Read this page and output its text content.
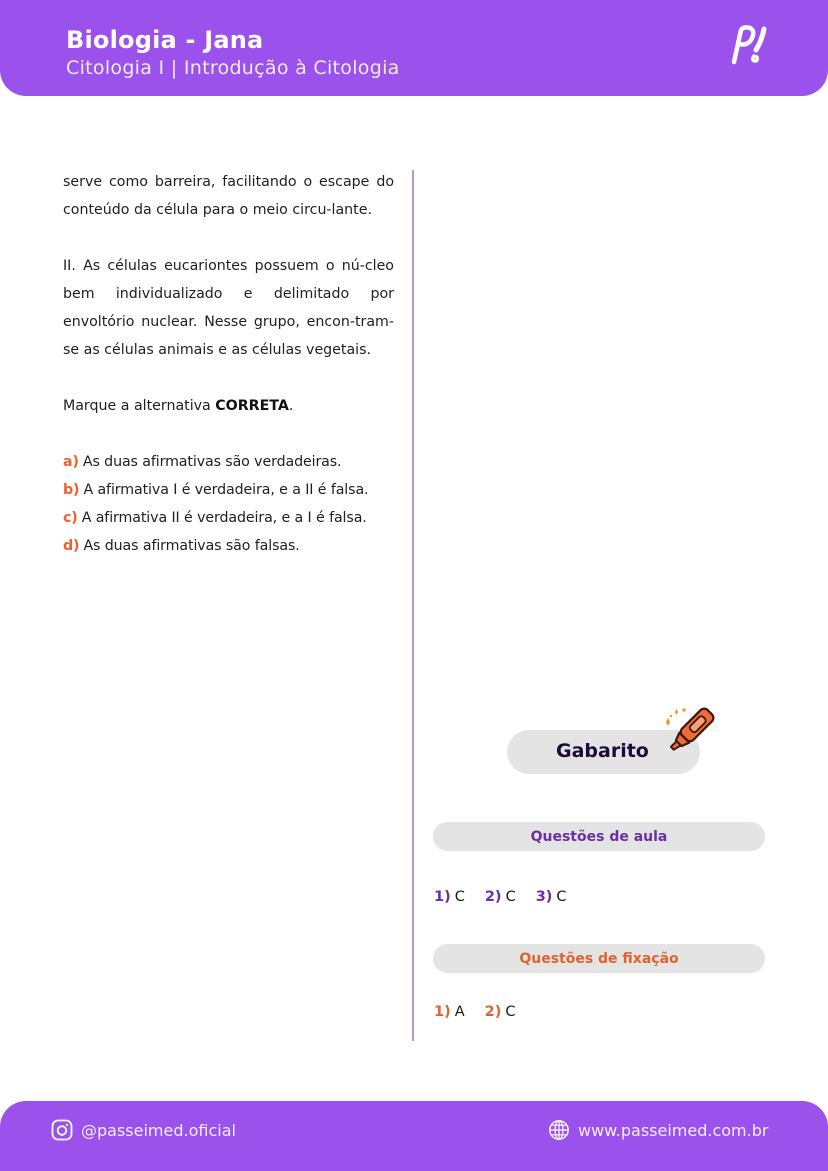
Biologia - Jana
Citologia I | Introdução à Citologia

serve como barreira, facilitando o escape do conteúdo da célula para o meio circu-lante.

II. As células eucariontes possuem o nú-cleo bem individualizado e delimitado por envoltório nuclear. Nesse grupo, encon-tram-se as células animais e as células vegetais.

Marque a alternativa CORRETA.

a) As duas afirmativas são verdadeiras.
b) A afirmativa I é verdadeira, e a II é falsa.
c) A afirmativa II é verdadeira, e a I é falsa.
d) As duas afirmativas são falsas.
Gabarito
Questões de aula
1) C 2) C 3) C
Questões de fixação
1) A 2) C
@passeimed.oficial	www.passeimed.com.br
